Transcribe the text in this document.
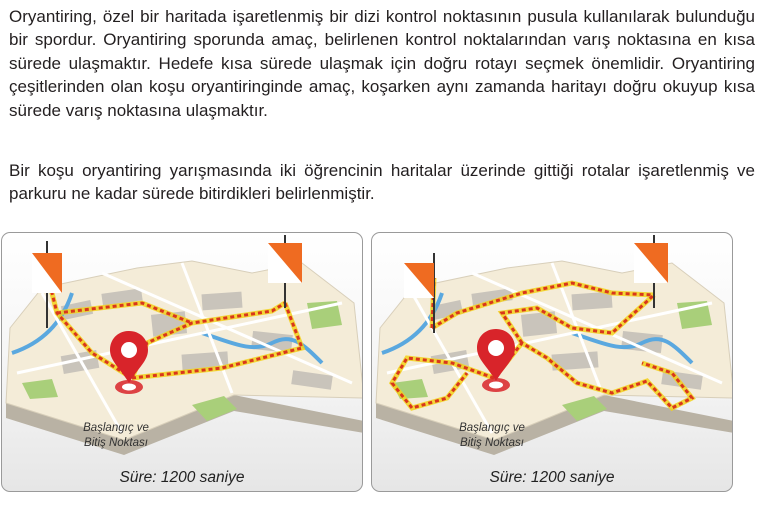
Oryantiring, özel bir haritada işaretlenmiş bir dizi kontrol noktasının pusula kullanılarak bulunduğu bir spordur. Oryantiring sporunda amaç, belirlenen kontrol noktalarından varış noktasına en kısa sürede ulaşmaktır. Hedefe kısa sürede ulaşmak için doğru rotayı seçmek önemlidir. Oryantiring çeşitlerinden olan koşu oryantiringinde amaç, koşarken aynı zamanda haritayı doğru okuyup kısa sürede varış noktasına ulaşmaktır.

Bir koşu oryantiring yarışmasında iki öğrencinin haritalar üzerinde gittiği rotalar işaretlenmiş ve parkuru ne kadar sürede bitirdikleri belirlenmiştir.

Başlangıç ve
Bitiş Noktası
Süre: 1200 saniye
Başlangıç ve
Bitiş Noktası
Süre: 1200 saniye
